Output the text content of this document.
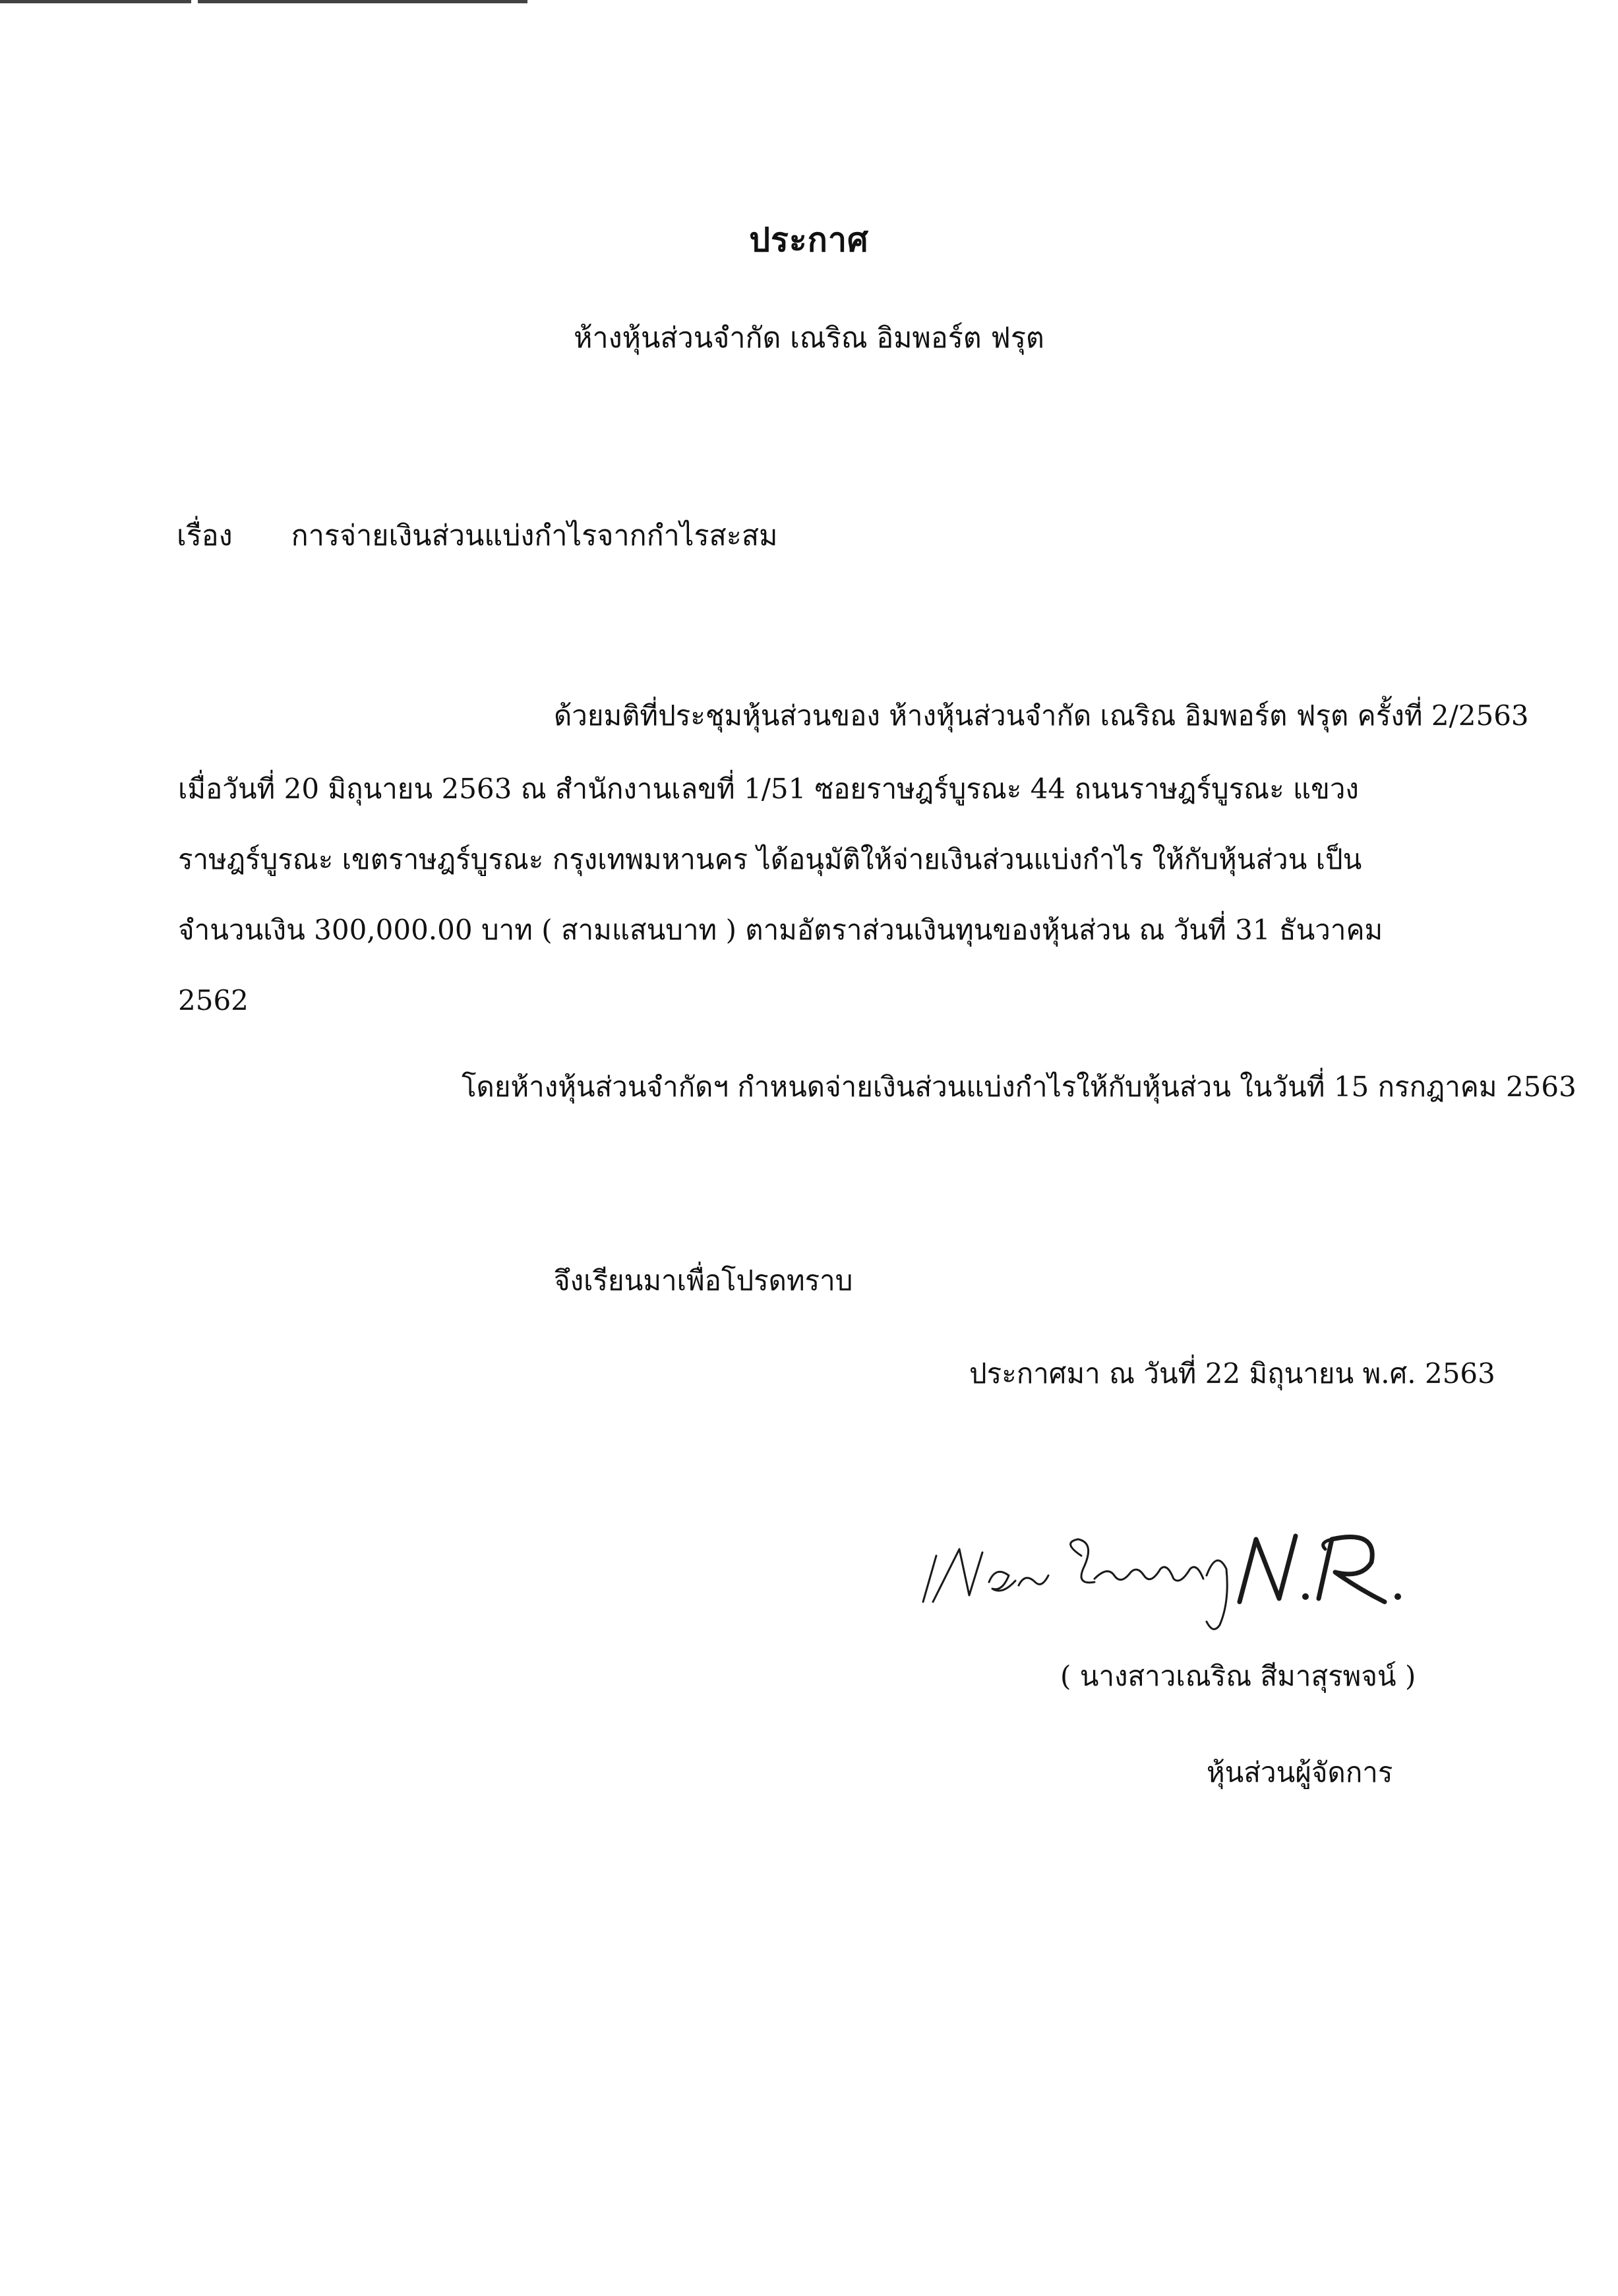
ประกาศ
ห้างหุ้นส่วนจำกัด เณริณ อิมพอร์ต ฟรุต
เรื่อง การจ่ายเงินส่วนแบ่งกำไรจากกำไรสะสม
ด้วยมติที่ประชุมหุ้นส่วนของ ห้างหุ้นส่วนจำกัด เณริณ อิมพอร์ต ฟรุต ครั้งที่ 2/2563
เมื่อวันที่ 20 มิถุนายน 2563 ณ สำนักงานเลขที่ 1/51 ซอยราษฎร์บูรณะ 44 ถนนราษฎร์บูรณะ แขวง
ราษฎร์บูรณะ เขตราษฎร์บูรณะ กรุงเทพมหานคร ได้อนุมัติให้จ่ายเงินส่วนแบ่งกำไร ให้กับหุ้นส่วน เป็น
จำนวนเงิน 300,000.00 บาท ( สามแสนบาท ) ตามอัตราส่วนเงินทุนของหุ้นส่วน ณ วันที่ 31 ธันวาคม
2562
โดยห้างหุ้นส่วนจำกัดฯ กำหนดจ่ายเงินส่วนแบ่งกำไรให้กับหุ้นส่วน ในวันที่ 15 กรกฎาคม 2563
จึงเรียนมาเพื่อโปรดทราบ
ประกาศมา ณ วันที่ 22 มิถุนายน พ.ศ. 2563
( นางสาวเณริณ สีมาสุรพจน์ )
หุ้นส่วนผู้จัดการ
